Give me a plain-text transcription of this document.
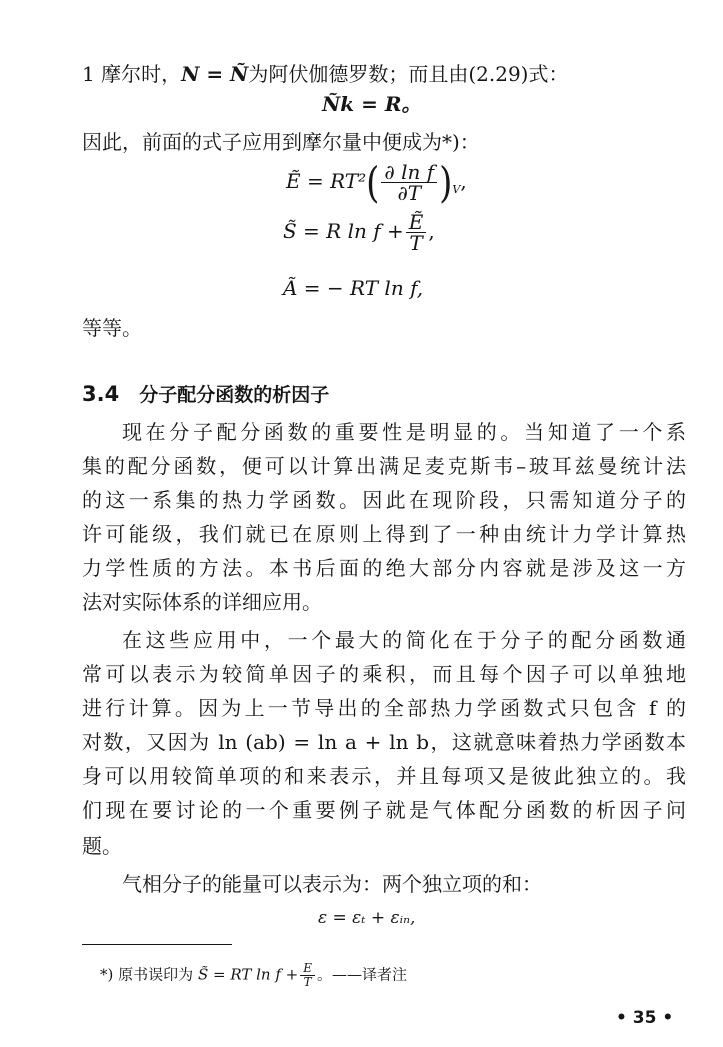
1 摩尔时，N = Ñ为阿伏伽德罗数；而且由(2.29)式：
Ñk = R。
因此，前面的式子应用到摩尔量中便成为*)：
Ẽ = $RT^2( \frac{\text{∂ ln f}}{\partial T} )_V$,
S̃ = R $\ln f + \frac{\text{Ẽ}}{T}$ ,
Ã = − RT ln f,
等等。
3.4 分子配分函数的析因子
现在分子配分函数的重要性是明显的。当知道了一个系
集的配分函数，便可以计算出满足麦克斯韦–玻耳兹曼统计法
的这一系集的热力学函数。因此在现阶段，只需知道分子的
许可能级，我们就已在原则上得到了一种由统计力学计算热
力学性质的方法。本书后面的绝大部分内容就是涉及这一方
法对实际体系的详细应用。
在这些应用中，一个最大的简化在于分子的配分函数通
常可以表示为较简单因子的乘积，而且每个因子可以单独地
进行计算。因为上一节导出的全部热力学函数式只包含 f 的
对数，又因为 ln (ab) = ln a + ln b，这就意味着热力学函数本
身可以用较简单项的和来表示，并且每项又是彼此独立的。我
们现在要讨论的一个重要例子就是气体配分函数的析因子问
题。
气相分子的能量可以表示为：两个独立项的和：
ε = εₜ + εᵢₙ,
*) 原书误印为 S̃ = RT $\ln f + \frac{E}{T}$ 。——译者注
• 35 •
